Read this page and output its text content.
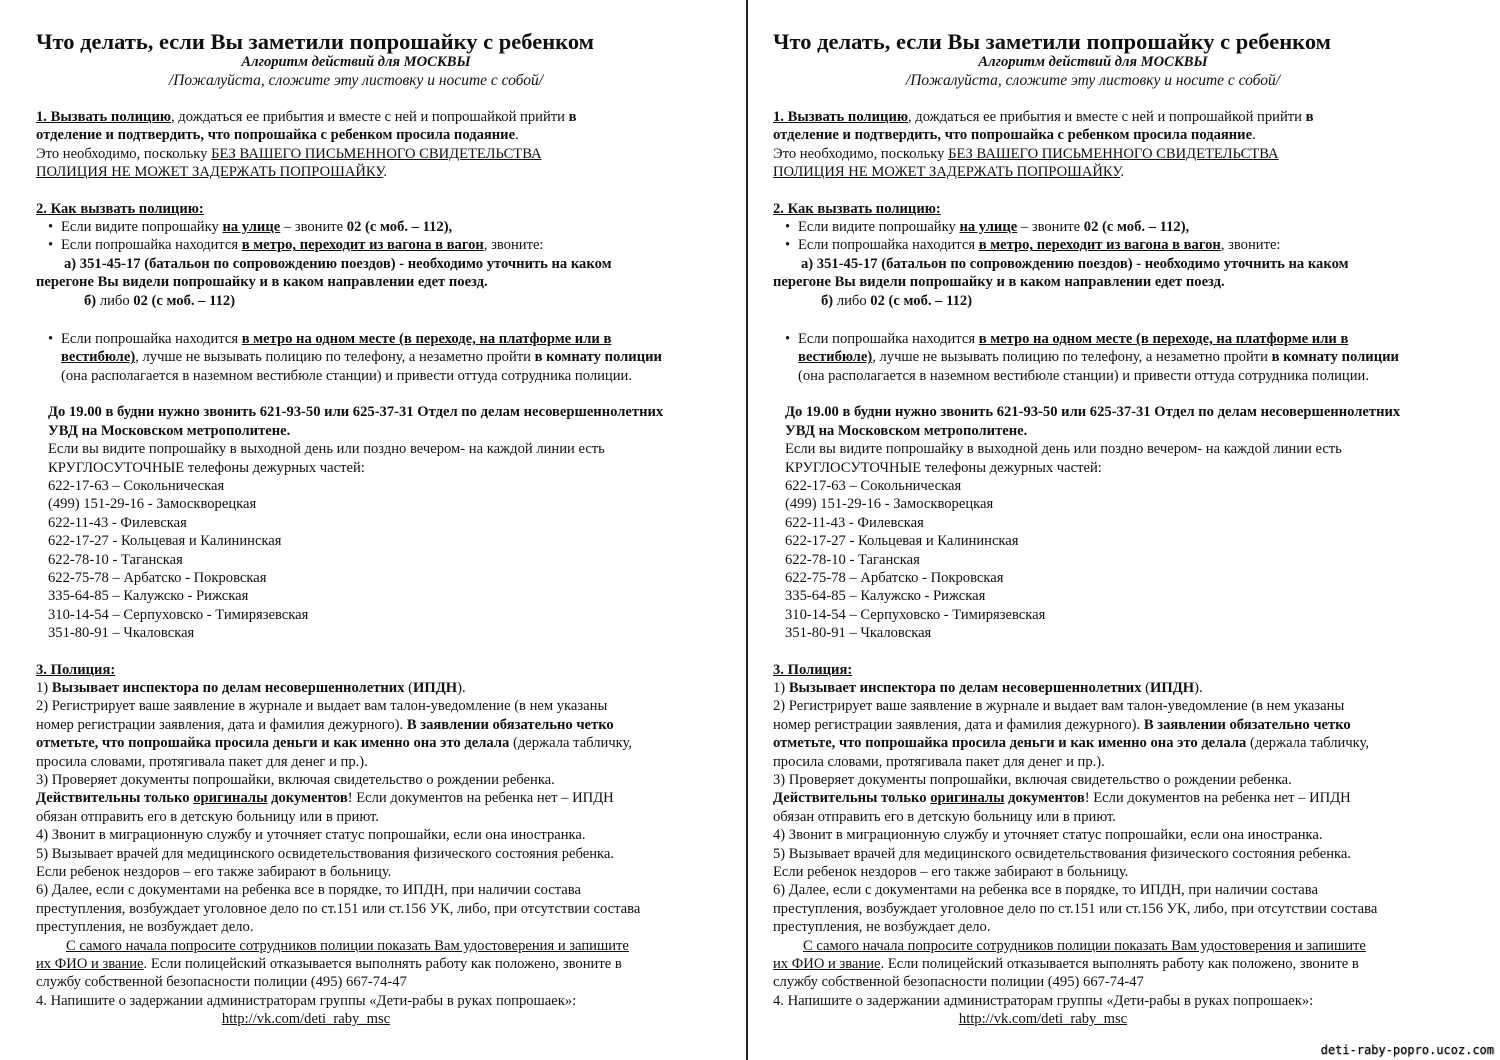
Что делать, если Вы заметили попрошайку с ребенком
Алгоритм действий для МОСКВЫ
/Пожалуйста, сложите эту листовку и носите с собой/
1. Вызвать полицию, дождаться ее прибытия и вместе с ней и попрошайкой прийти в
отделение и подтвердить, что попрошайка с ребенком просила подаяние.
Это необходимо, поскольку БЕЗ ВАШЕГО ПИСЬМЕННОГО СВИДЕТЕЛЬСТВА
ПОЛИЦИЯ НЕ МОЖЕТ ЗАДЕРЖАТЬ ПОПРОШАЙКУ.
2. Как вызвать полицию:
• Если видите попрошайку на улице – звоните 02 (с моб. – 112),
• Если попрошайка находится в метро, переходит из вагона в вагон, звоните:
а) 351-45-17 (батальон по сопровождению поездов) - необходимо уточнить на каком
перегоне Вы видели попрошайку и в каком направлении едет поезд.
б) либо 02 (с моб. – 112)
• Если попрошайка находится в метро на одном месте (в переходе, на платформе или в
вестибюле), лучше не вызывать полицию по телефону, а незаметно пройти в комнату полиции
(она располагается в наземном вестибюле станции) и привести оттуда сотрудника полиции.
До 19.00 в будни нужно звонить 621-93-50 или 625-37-31 Отдел по делам несовершеннолетних
УВД на Московском метрополитене.
Если вы видите попрошайку в выходной день или поздно вечером- на каждой линии есть
КРУГЛОСУТОЧНЫЕ телефоны дежурных частей:
622-17-63 – Сокольническая
(499) 151-29-16 - Замоскворецкая
622-11-43 - Филевская
622-17-27 - Кольцевая и Калининская
622-78-10 - Таганская
622-75-78 – Арбатско - Покровская
335-64-85 – Калужско - Рижская
310-14-54 – Серпуховско - Тимирязевская
351-80-91 – Чкаловская
3. Полиция:
1) Вызывает инспектора по делам несовершеннолетних (ИПДН).
2) Регистрирует ваше заявление в журнале и выдает вам талон-уведомление (в нем указаны
номер регистрации заявления, дата и фамилия дежурного). В заявлении обязательно четко
отметьте, что попрошайка просила деньги и как именно она это делала (держала табличку,
просила словами, протягивала пакет для денег и пр.).
3) Проверяет документы попрошайки, включая свидетельство о рождении ребенка.
Действительны только оригиналы документов! Если документов на ребенка нет – ИПДН
обязан отправить его в детскую больницу или в приют.
4) Звонит в миграционную службу и уточняет статус попрошайки, если она иностранка.
5) Вызывает врачей для медицинского освидетельствования физического состояния ребенка.
Если ребенок нездоров – его также забирают в больницу.
6) Далее, если с документами на ребенка все в порядке, то ИПДН, при наличии состава
преступления, возбуждает уголовное дело по ст.151 или ст.156 УК, либо, при отсутствии состава
преступления, не возбуждает дело.
С самого начала попросите сотрудников полиции показать Вам удостоверения и запишите
их ФИО и звание. Если полицейский отказывается выполнять работу как положено, звоните в
службу собственной безопасности полиции (495) 667-74-47
4. Напишите о задержании администраторам группы «Дети-рабы в руках попрошаек»:
http://vk.com/deti_raby_msc
Что делать, если Вы заметили попрошайку с ребенком
Алгоритм действий для МОСКВЫ
/Пожалуйста, сложите эту листовку и носите с собой/
1. Вызвать полицию, дождаться ее прибытия и вместе с ней и попрошайкой прийти в
отделение и подтвердить, что попрошайка с ребенком просила подаяние.
Это необходимо, поскольку БЕЗ ВАШЕГО ПИСЬМЕННОГО СВИДЕТЕЛЬСТВА
ПОЛИЦИЯ НЕ МОЖЕТ ЗАДЕРЖАТЬ ПОПРОШАЙКУ.
2. Как вызвать полицию:
• Если видите попрошайку на улице – звоните 02 (с моб. – 112),
• Если попрошайка находится в метро, переходит из вагона в вагон, звоните:
а) 351-45-17 (батальон по сопровождению поездов) - необходимо уточнить на каком
перегоне Вы видели попрошайку и в каком направлении едет поезд.
б) либо 02 (с моб. – 112)
• Если попрошайка находится в метро на одном месте (в переходе, на платформе или в
вестибюле), лучше не вызывать полицию по телефону, а незаметно пройти в комнату полиции
(она располагается в наземном вестибюле станции) и привести оттуда сотрудника полиции.
До 19.00 в будни нужно звонить 621-93-50 или 625-37-31 Отдел по делам несовершеннолетних
УВД на Московском метрополитене.
Если вы видите попрошайку в выходной день или поздно вечером- на каждой линии есть
КРУГЛОСУТОЧНЫЕ телефоны дежурных частей:
622-17-63 – Сокольническая
(499) 151-29-16 - Замоскворецкая
622-11-43 - Филевская
622-17-27 - Кольцевая и Калининская
622-78-10 - Таганская
622-75-78 – Арбатско - Покровская
335-64-85 – Калужско - Рижская
310-14-54 – Серпуховско - Тимирязевская
351-80-91 – Чкаловская
3. Полиция:
1) Вызывает инспектора по делам несовершеннолетних (ИПДН).
2) Регистрирует ваше заявление в журнале и выдает вам талон-уведомление (в нем указаны
номер регистрации заявления, дата и фамилия дежурного). В заявлении обязательно четко
отметьте, что попрошайка просила деньги и как именно она это делала (держала табличку,
просила словами, протягивала пакет для денег и пр.).
3) Проверяет документы попрошайки, включая свидетельство о рождении ребенка.
Действительны только оригиналы документов! Если документов на ребенка нет – ИПДН
обязан отправить его в детскую больницу или в приют.
4) Звонит в миграционную службу и уточняет статус попрошайки, если она иностранка.
5) Вызывает врачей для медицинского освидетельствования физического состояния ребенка.
Если ребенок нездоров – его также забирают в больницу.
6) Далее, если с документами на ребенка все в порядке, то ИПДН, при наличии состава
преступления, возбуждает уголовное дело по ст.151 или ст.156 УК, либо, при отсутствии состава
преступления, не возбуждает дело.
С самого начала попросите сотрудников полиции показать Вам удостоверения и запишите
их ФИО и звание. Если полицейский отказывается выполнять работу как положено, звоните в
службу собственной безопасности полиции (495) 667-74-47
4. Напишите о задержании администраторам группы «Дети-рабы в руках попрошаек»:
http://vk.com/deti_raby_msc
deti-raby-popro.ucoz.com
